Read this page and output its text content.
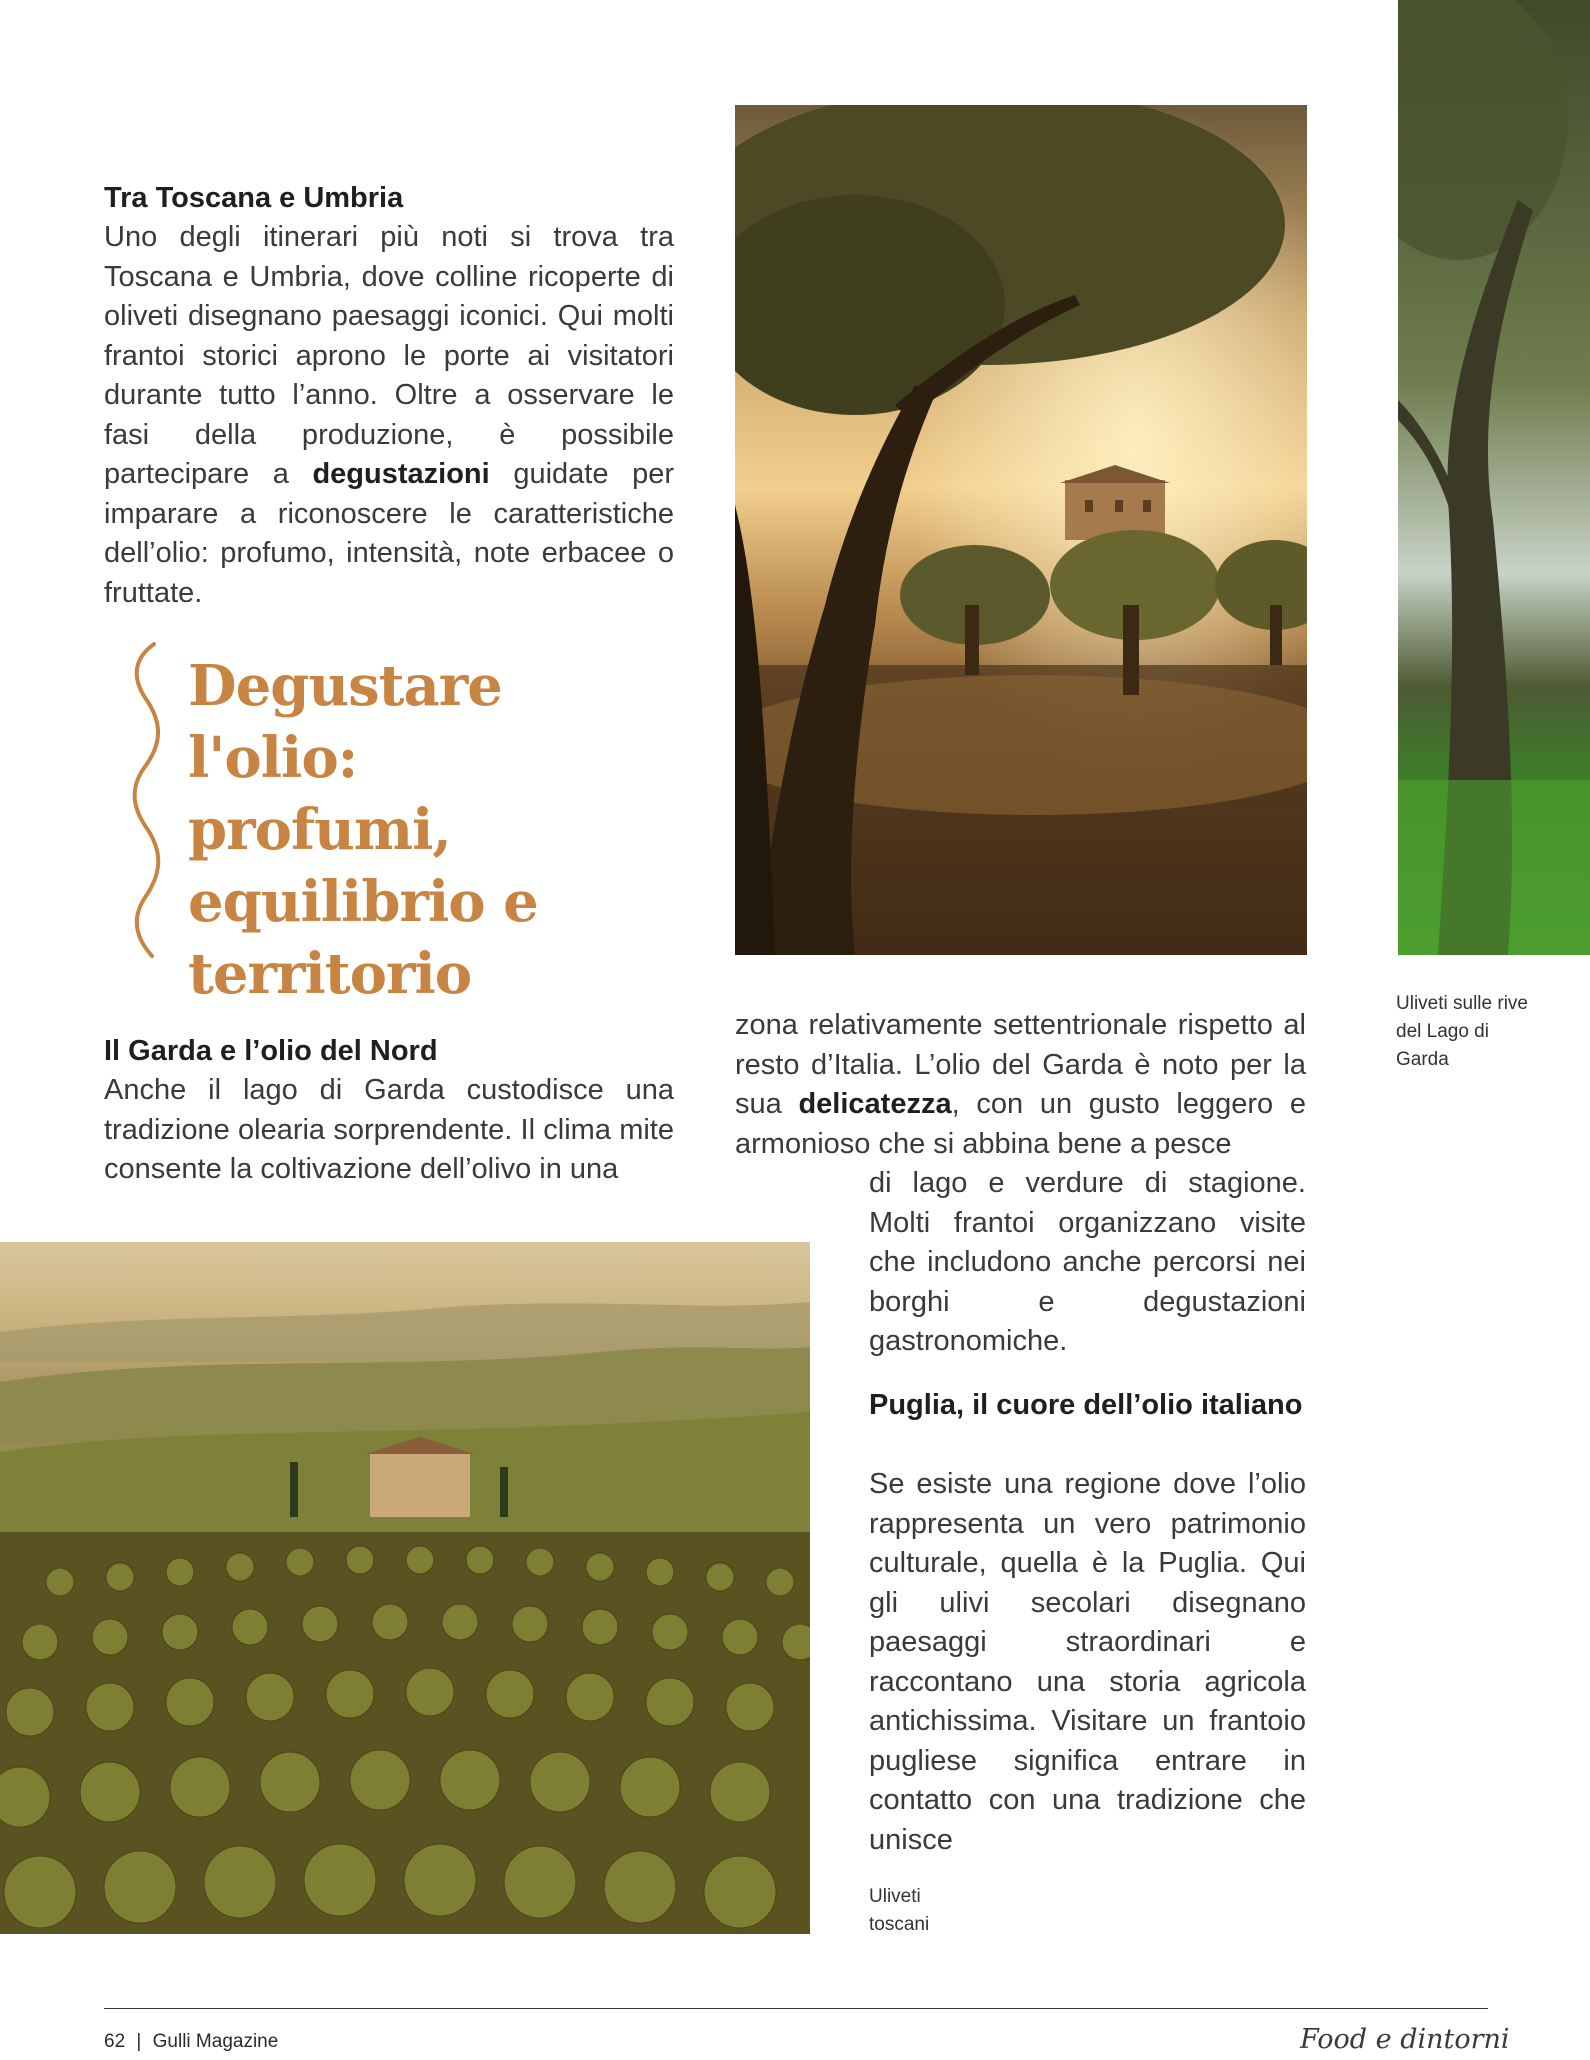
Tra Toscana e Umbria

Uno degli itinerari più noti si trova tra Toscana e Umbria, dove colline ricoperte di oliveti disegnano paesaggi iconici. Qui molti frantoi storici aprono le porte ai visitatori durante tutto l’anno. Oltre a osservare le fasi della produzione, è possibile partecipare a degustazioni guidate per imparare a riconoscere le caratteristiche dell’olio: profumo, intensità, note erbacee o fruttate.

Degustare l'olio: profumi, equilibrio e territorio

Il Garda e l’olio del Nord

Anche il lago di Garda custodisce una tradizione olearia sorprendente. Il clima mite consente la coltivazione dell’olivo in una

zona relativamente settentrionale rispetto al resto d’Italia. L’olio del Garda è noto per la sua delicatezza, con un gusto leggero e armonioso che si abbina bene a pesce

di lago e verdure di stagione. Molti frantoi organizzano visite che includono anche percorsi nei borghi e degustazioni gastronomiche.

Puglia, il cuore dell’olio italiano

Se esiste una regione dove l’olio rappresenta un vero patrimonio culturale, quella è la Puglia. Qui gli ulivi secolari disegnano paesaggi straordinari e raccontano una storia agricola antichissima. Visitare un frantoio pugliese significa entrare in contatto con una tradizione che unisce

Uliveti sulle rive del Lago di Garda

Uliveti toscani

62 | Gulli Magazine	Food e dintorni
